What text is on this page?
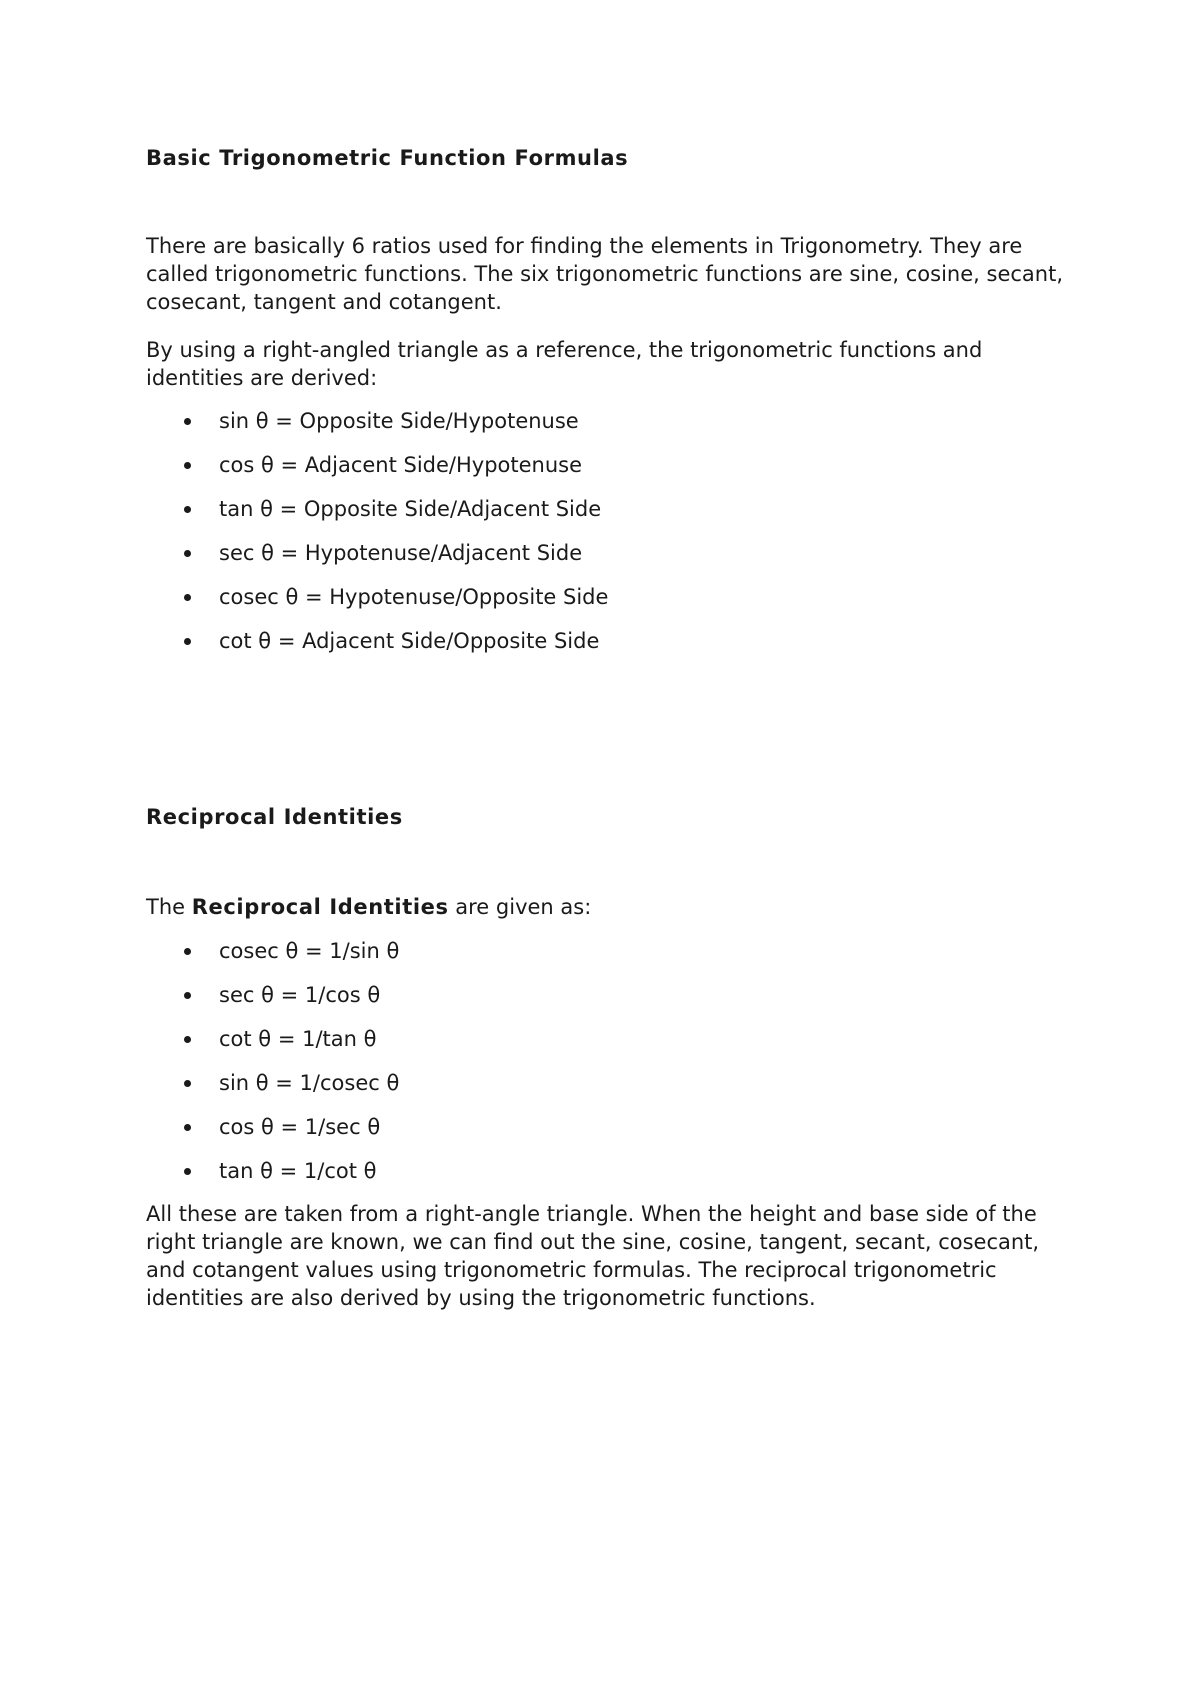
Basic Trigonometric Function Formulas

There are basically 6 ratios used for finding the elements in Trigonometry. They are called trigonometric functions. The six trigonometric functions are sine, cosine, secant, cosecant, tangent and cotangent.

By using a right-angled triangle as a reference, the trigonometric functions and identities are derived:

sin θ = Opposite Side/Hypotenuse
cos θ = Adjacent Side/Hypotenuse
tan θ = Opposite Side/Adjacent Side
sec θ = Hypotenuse/Adjacent Side
cosec θ = Hypotenuse/Opposite Side
cot θ = Adjacent Side/Opposite Side
Reciprocal Identities

The Reciprocal Identities are given as:

cosec θ = 1/sin θ
sec θ = 1/cos θ
cot θ = 1/tan θ
sin θ = 1/cosec θ
cos θ = 1/sec θ
tan θ = 1/cot θ

All these are taken from a right-angle triangle. When the height and base side of the right triangle are known, we can find out the sine, cosine, tangent, secant, cosecant, and cotangent values using trigonometric formulas. The reciprocal trigonometric identities are also derived by using the trigonometric functions.
